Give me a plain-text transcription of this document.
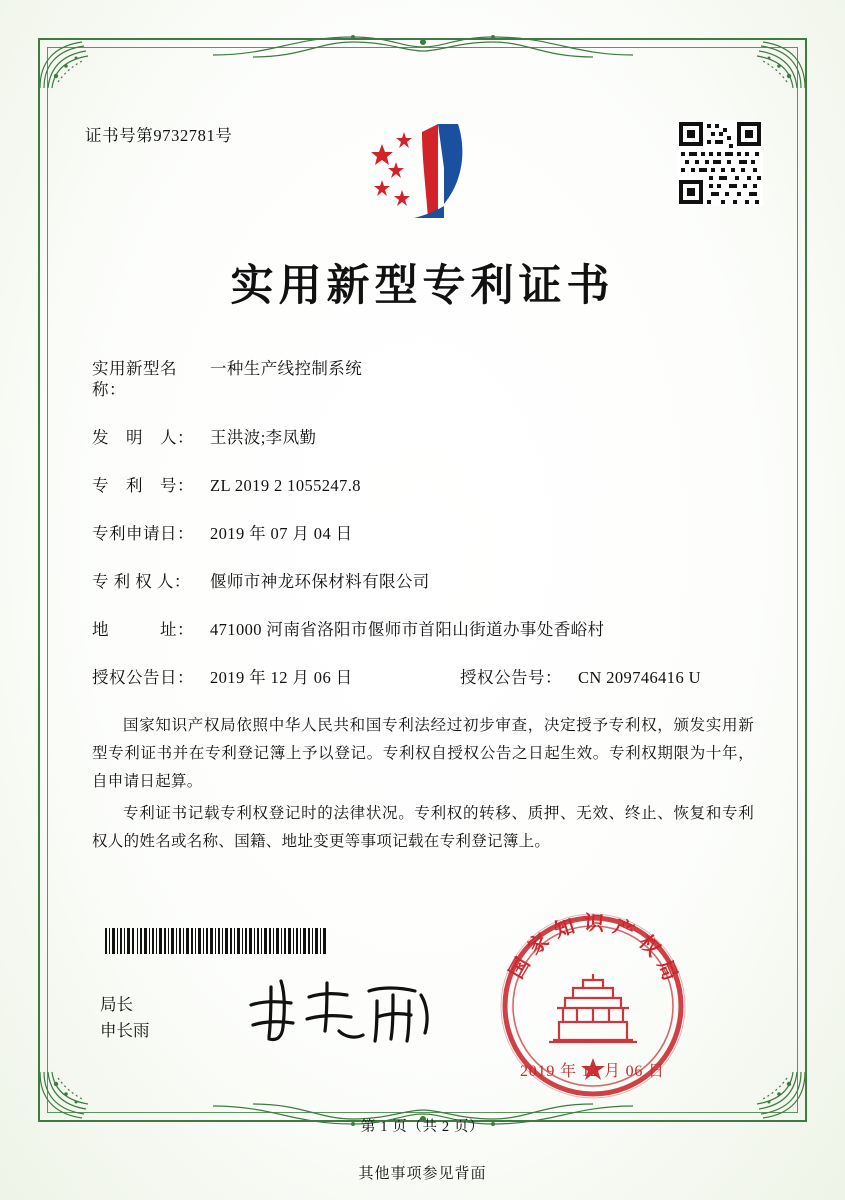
证书号第9732781号
实用新型专利证书
实用新型名称：
一种生产线控制系统
发　明　人： 王洪波;李凤勤
专　利　号： ZL 2019 2 1055247.8
专利申请日： 2019 年 07 月 04 日
专 利 权 人：	偃师市神龙环保材料有限公司
地　　　址： 471000 河南省洛阳市偃师市首阳山街道办事处香峪村
授权公告日： 2019 年 12 月 06 日	授权公告号： CN 209746416 U

国家知识产权局依照中华人民共和国专利法经过初步审查，决定授予专利权，颁发实用新型专利证书并在专利登记簿上予以登记。专利权自授权公告之日起生效。专利权期限为十年，自申请日起算。

专利证书记载专利权登记时的法律状况。专利权的转移、质押、无效、终止、恢复和专利权人的姓名或名称、国籍、地址变更等事项记载在专利登记簿上。

局长
申长雨
国家知识产权局
2019 年 12 月 06 日
第 1 页（共 2 页）
其他事项参见背面
